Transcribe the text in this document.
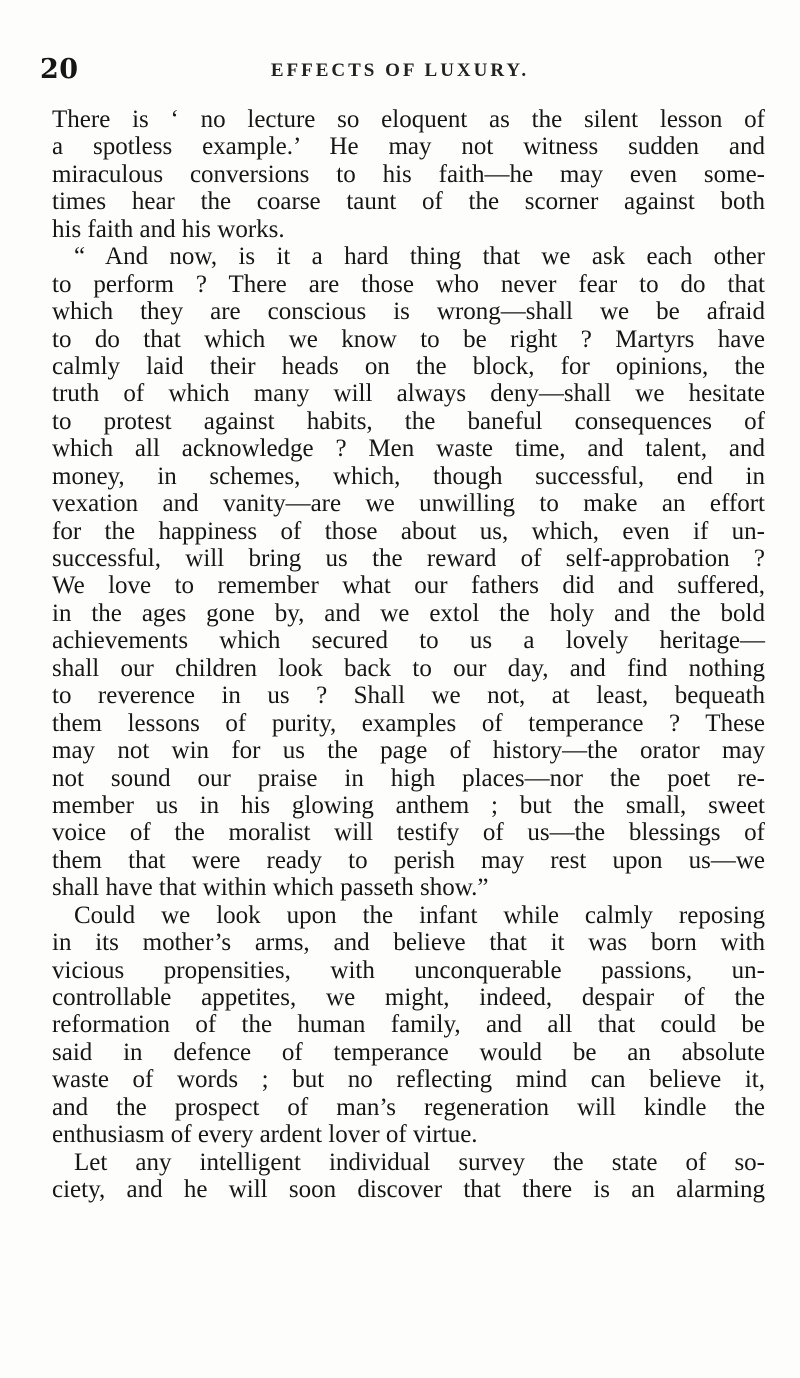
20	EFFECTS OF LUXURY.
There is ‘ no lecture so eloquent as the silent lesson of
a spotless example.’ He may not witness sudden and
miraculous conversions to his faith—he may even some-
times hear the coarse taunt of the scorner against both
his faith and his works.
“ And now, is it a hard thing that we ask each other
to perform ? There are those who never fear to do that
which they are conscious is wrong—shall we be afraid
to do that which we know to be right ? Martyrs have
calmly laid their heads on the block, for opinions, the
truth of which many will always deny—shall we hesitate
to protest against habits, the baneful consequences of
which all acknowledge ? Men waste time, and talent, and
money, in schemes, which, though successful, end in
vexation and vanity—are we unwilling to make an effort
for the happiness of those about us, which, even if un-
successful, will bring us the reward of self-approbation ?
We love to remember what our fathers did and suffered,
in the ages gone by, and we extol the holy and the bold
achievements which secured to us a lovely heritage—
shall our children look back to our day, and find nothing
to reverence in us ? Shall we not, at least, bequeath
them lessons of purity, examples of temperance ? These
may not win for us the page of history—the orator may
not sound our praise in high places—nor the poet re-
member us in his glowing anthem ; but the small, sweet
voice of the moralist will testify of us—the blessings of
them that were ready to perish may rest upon us—we
shall have that within which passeth show.”
Could we look upon the infant while calmly reposing
in its mother’s arms, and believe that it was born with
vicious propensities, with unconquerable passions, un-
controllable appetites, we might, indeed, despair of the
reformation of the human family, and all that could be
said in defence of temperance would be an absolute
waste of words ; but no reflecting mind can believe it,
and the prospect of man’s regeneration will kindle the
enthusiasm of every ardent lover of virtue.
Let any intelligent individual survey the state of so-
ciety, and he will soon discover that there is an alarming
